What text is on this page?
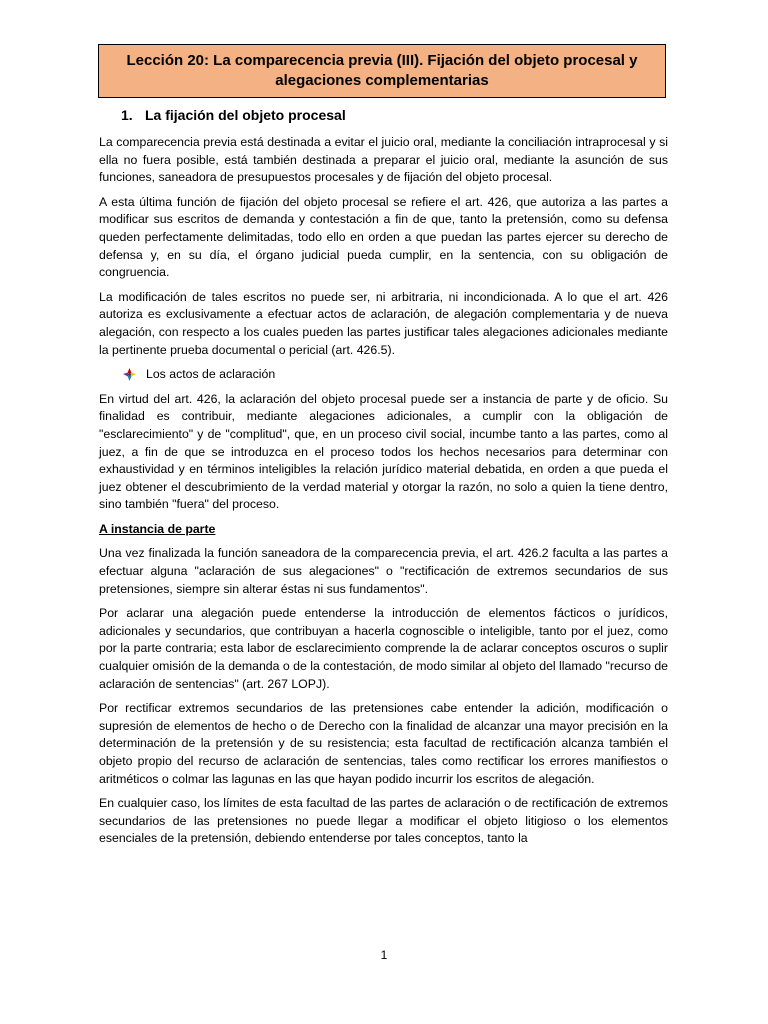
Lección 20: La comparecencia previa (III). Fijación del objeto procesal y alegaciones complementarias
1. La fijación del objeto procesal

La comparecencia previa está destinada a evitar el juicio oral, mediante la conciliación intraprocesal y si ella no fuera posible, está también destinada a preparar el juicio oral, mediante la asunción de sus funciones, saneadora de presupuestos procesales y de fijación del objeto procesal.

A esta última función de fijación del objeto procesal se refiere el art. 426, que autoriza a las partes a modificar sus escritos de demanda y contestación a fin de que, tanto la pretensión, como su defensa queden perfectamente delimitadas, todo ello en orden a que puedan las partes ejercer su derecho de defensa y, en su día, el órgano judicial pueda cumplir, en la sentencia, con su obligación de congruencia.

La modificación de tales escritos no puede ser, ni arbitraria, ni incondicionada. A lo que el art. 426 autoriza es exclusivamente a efectuar actos de aclaración, de alegación complementaria y de nueva alegación, con respecto a los cuales pueden las partes justificar tales alegaciones adicionales mediante la pertinente prueba documental o pericial (art. 426.5).

Los actos de aclaración

En virtud del art. 426, la aclaración del objeto procesal puede ser a instancia de parte y de oficio. Su finalidad es contribuir, mediante alegaciones adicionales, a cumplir con la obligación de "esclarecimiento" y de "complitud", que, en un proceso civil social, incumbe tanto a las partes, como al juez, a fin de que se introduzca en el proceso todos los hechos necesarios para determinar con exhaustividad y en términos inteligibles la relación jurídico material debatida, en orden a que pueda el juez obtener el descubrimiento de la verdad material y otorgar la razón, no solo a quien la tiene dentro, sino también "fuera" del proceso.

A instancia de parte

Una vez finalizada la función saneadora de la comparecencia previa, el art. 426.2 faculta a las partes a efectuar alguna "aclaración de sus alegaciones" o "rectificación de extremos secundarios de sus pretensiones, siempre sin alterar éstas ni sus fundamentos".

Por aclarar una alegación puede entenderse la introducción de elementos fácticos o jurídicos, adicionales y secundarios, que contribuyan a hacerla cognoscible o inteligible, tanto por el juez, como por la parte contraria; esta labor de esclarecimiento comprende la de aclarar conceptos oscuros o suplir cualquier omisión de la demanda o de la contestación, de modo similar al objeto del llamado "recurso de aclaración de sentencias" (art. 267 LOPJ).

Por rectificar extremos secundarios de las pretensiones cabe entender la adición, modificación o supresión de elementos de hecho o de Derecho con la finalidad de alcanzar una mayor precisión en la determinación de la pretensión y de su resistencia; esta facultad de rectificación alcanza también el objeto propio del recurso de aclaración de sentencias, tales como rectificar los errores manifiestos o aritméticos o colmar las lagunas en las que hayan podido incurrir los escritos de alegación.

En cualquier caso, los límites de esta facultad de las partes de aclaración o de rectificación de extremos secundarios de las pretensiones no puede llegar a modificar el objeto litigioso o los elementos esenciales de la pretensión, debiendo entenderse por tales conceptos, tanto la

1
